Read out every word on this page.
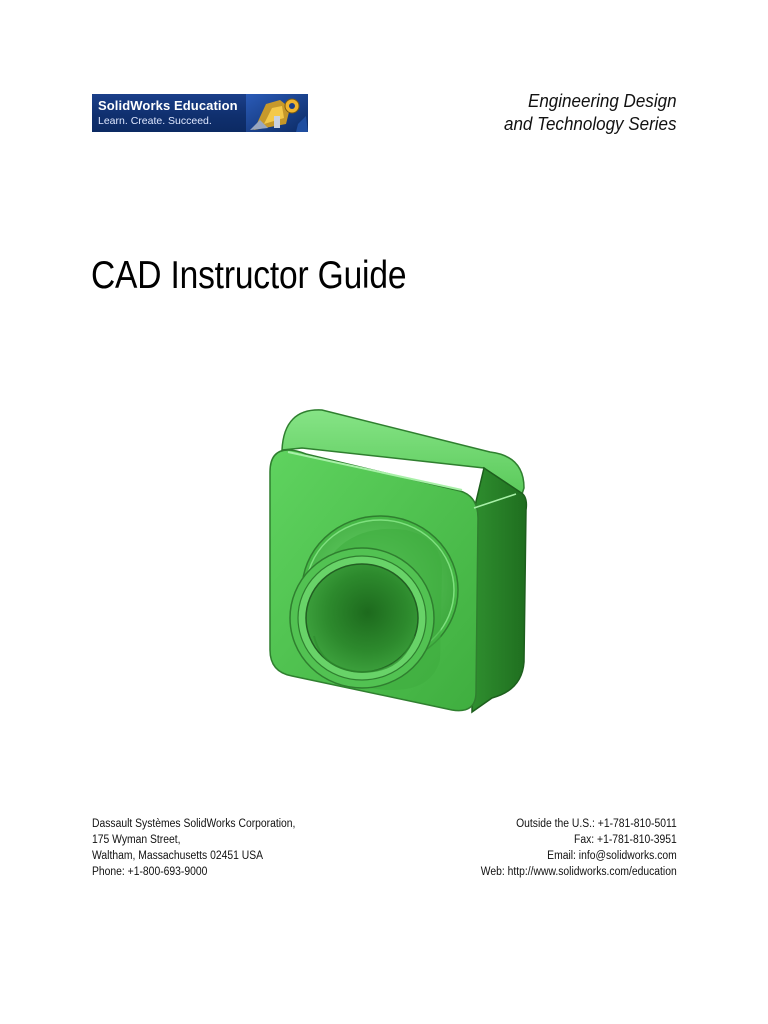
SolidWorks Education
Learn. Create. Succeed.
Engineering Design
and Technology Series
CAD Instructor Guide
Dassault Systèmes SolidWorks Corporation,
175 Wyman Street,
Waltham, Massachusetts 02451 USA
Phone: +1-800-693-9000
Outside the U.S.: +1-781-810-5011
Fax: +1-781-810-3951
Email: info@solidworks.com
Web: http://www.solidworks.com/education
